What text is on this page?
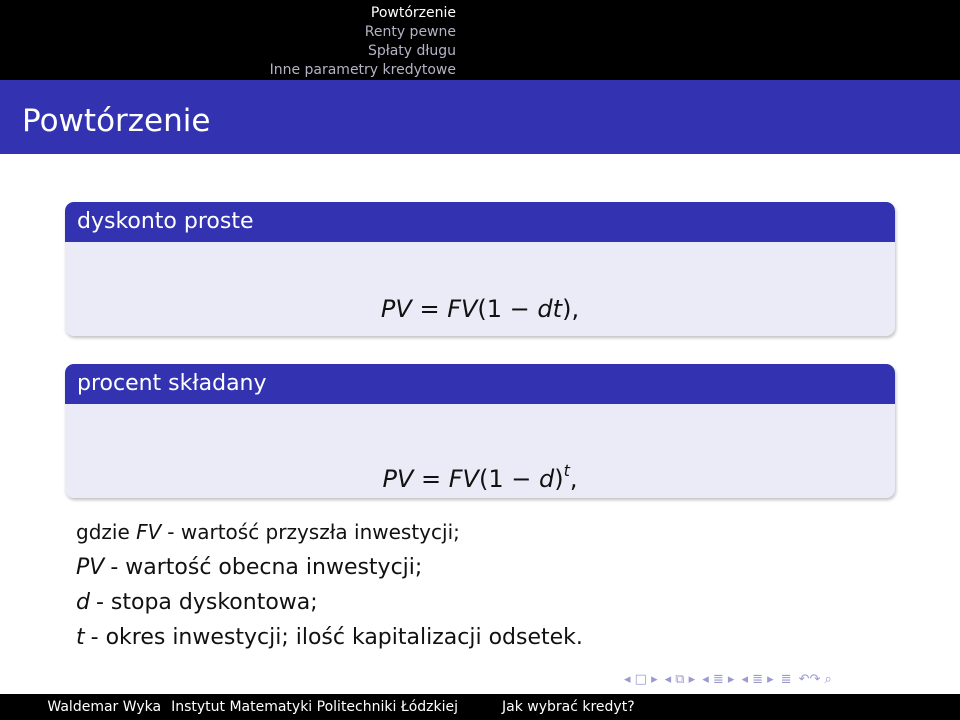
Powtórzenie
Renty pewne
Spłaty długu
Inne parametry kredytowe
Powtórzenie
dyskonto proste
PV = FV(1 − dt),
procent składany
PV = $FV(1 - d)^t$,
gdzie FV - wartość przyszła inwestycji;
PV - wartość obecna inwestycji;
d - stopa dyskontowa;
t - okres inwestycji; ilość kapitalizacji odsetek.
◂ □ ▸ ◂ ⧉ ▸ ◂ ≣ ▸ ◂ ≣ ▸ ≣ ↶↷ ⌕
Waldemar Wyka Instytut Matematyki Politechniki Łódzkiej	Jak wybrać kredyt?
